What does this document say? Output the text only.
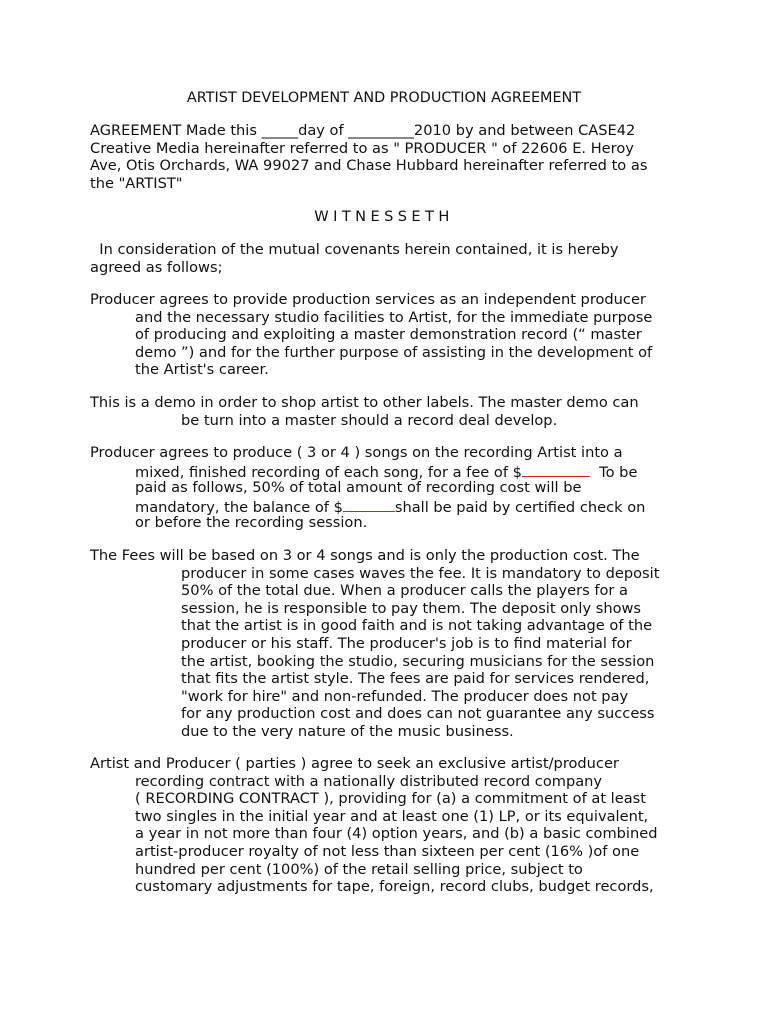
ARTIST DEVELOPMENT AND PRODUCTION AGREEMENT
AGREEMENT Made this _____day of _________2010 by and between CASE42
Creative Media hereinafter referred to as " PRODUCER " of 22606 E. Heroy
Ave, Otis Orchards, WA 99027 and Chase Hubbard hereinafter referred to as
the "ARTIST"
WITNESSETH
In consideration of the mutual covenants herein contained, it is hereby
agreed as follows;
Producer agrees to provide production services as an independent producer
and the necessary studio facilities to Artist, for the immediate purpose
of producing and exploiting a master demonstration record (“ master
demo ”) and for the further purpose of assisting in the development of
the Artist's career.
This is a demo in order to shop artist to other labels. The master demo can
be turn into a master should a record deal develop.
Producer agrees to produce ( 3 or 4 ) songs on the recording Artist into a
mixed, finished recording of each song, for a fee of $	To be
paid as follows, 50% of total amount of recording cost will be
mandatory, the balance of $	shall be paid by certified check on
or before the recording session.
The Fees will be based on 3 or 4 songs and is only the production cost. The
producer in some cases waves the fee. It is mandatory to deposit
50% of the total due. When a producer calls the players for a
session, he is responsible to pay them. The deposit only shows
that the artist is in good faith and is not taking advantage of the
producer or his staff. The producer's job is to find material for
the artist, booking the studio, securing musicians for the session
that fits the artist style. The fees are paid for services rendered,
"work for hire" and non-refunded. The producer does not pay
for any production cost and does can not guarantee any success
due to the very nature of the music business.
Artist and Producer ( parties ) agree to seek an exclusive artist/producer
recording contract with a nationally distributed record company
( RECORDING CONTRACT ), providing for (a) a commitment of at least
two singles in the initial year and at least one (1) LP, or its equivalent,
a year in not more than four (4) option years, and (b) a basic combined
artist-producer royalty of not less than sixteen per cent (16% )of one
hundred per cent (100%) of the retail selling price, subject to
customary adjustments for tape, foreign, record clubs, budget records,
